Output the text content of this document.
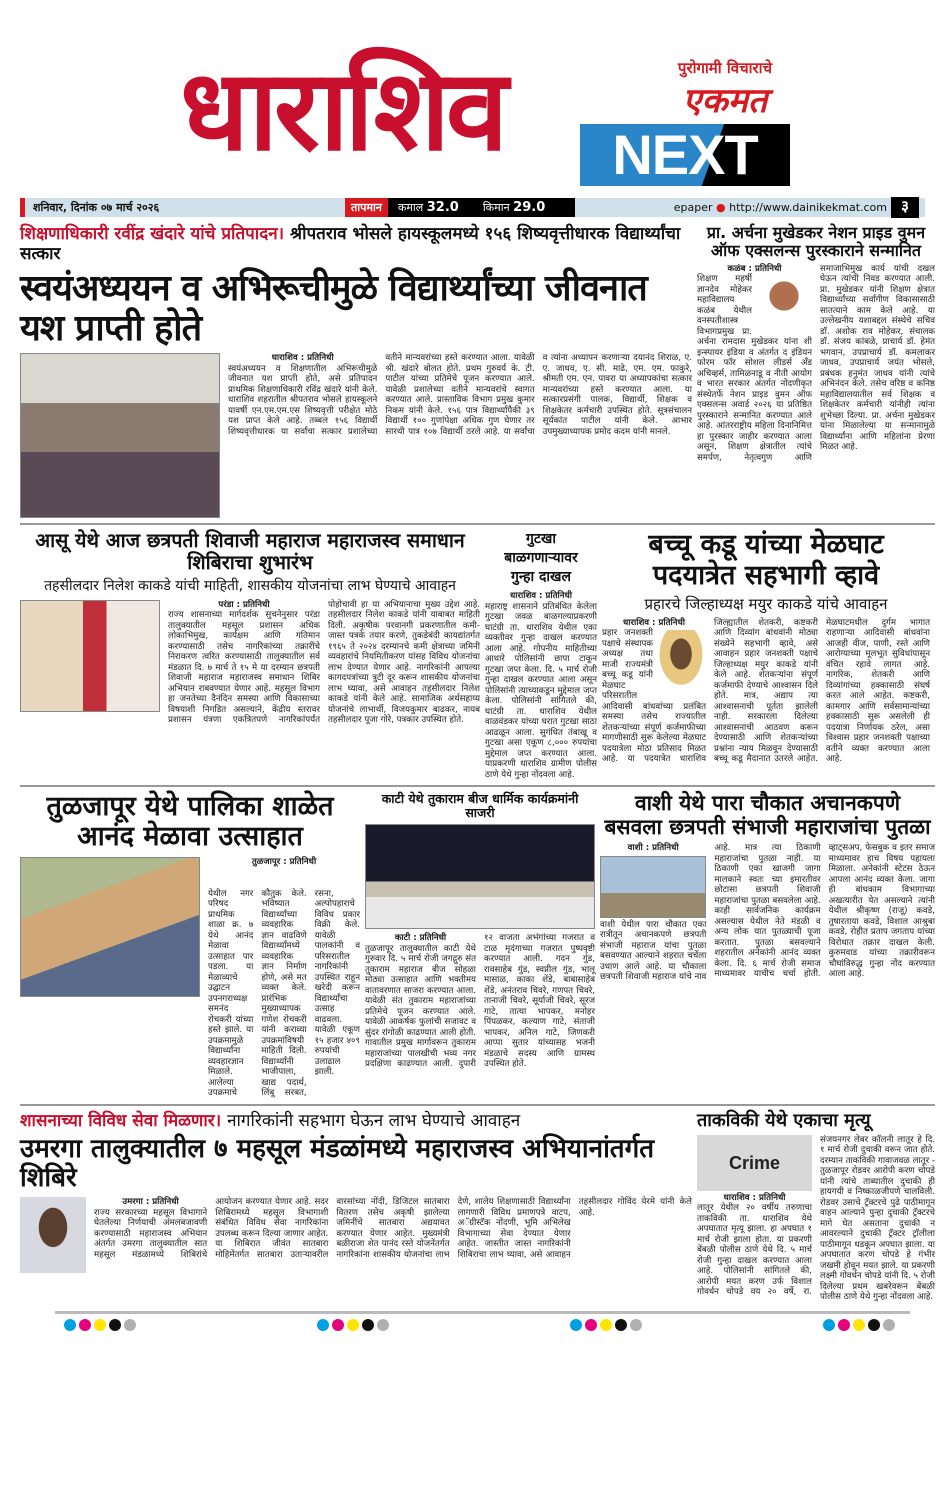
धाराशिव	पुरोगामी विचाराचे
एकमत
NEXT
शनिवार, दिनांक ०७ मार्च २०२६	तापमान	कमाल 32.0 किमान 29.0	epaper ● http://www.dainikekmat.com ३
शिक्षणाधिकारी रवींद्र खंदारे यांचे प्रतिपादन। श्रीपतराव भोसले हायस्कूलमध्ये १५६ शिष्यवृत्तीधारक विद्यार्थ्यांचा सत्कार
स्वयंअध्ययन व अभिरूचीमुळे विद्यार्थ्यांच्या जीवनात यश प्राप्ती होते
धाराशिव : प्रतिनिधी
स्वयंअध्ययन व शिक्षणातील अभिरूचीमुळे जीवनात यश प्राप्ती होते, असे प्रतिपादन प्राथमिक शिक्षणाधिकारी रविंद्र खंदारे यांनी केले. धाराशिव शहरातील श्रीपतराव भोसले हायस्कूलने यावर्षी एन.एम.एम.एस शिष्यवृत्ती परीक्षेत मोठे यश प्राप्त केले आहे. तब्बल १५६ विद्यार्थी शिष्यवृत्तीधारक या सर्वांचा सत्कार प्रशालेच्या वतीने मान्यवरांच्या हस्ते करण्यात आला. यावेळी श्री. खंदारे बोलत होते. प्रथम गुरुवर्य के. टी. पाटील यांच्या प्रतिमेचे पूजन करण्यात आले. यावेळी प्रशालेच्या वतीने मान्यवरांचे स्वागत करण्यात आले. प्रास्ताविक विभाग प्रमुख कुमार निकम यांनी केले. १५६ पात्र विद्यार्थ्यांपैकी ३९ विद्यार्थी १०० गुणांपेक्षा अधिक गुण घेणार तर सारथी पात्र १०७ विद्यार्थी ठरले आहे. या सर्वांचा व त्यांना अध्यापन करणाऱ्या दयानंद शिराळ, ए. ए. जाधव, ए. सी. माढे, एम. एम. फाकुरे, श्रीमती एम. एन. पावरा या अध्यापकांचा सत्कार मान्यवरांच्या हस्ते करण्यात आला. या सत्कारप्रसंगी पालक, विद्यार्थी, शिक्षक व शिक्षकेतर कर्मचारी उपस्थित होते. सूत्रसंचालन सूर्यकांत पाटील यांनी केले. आभार उपमुख्याध्यापक प्रमोद कदम यांनी मानले.
प्रा. अर्चना मुखेडकर नेशन प्राइड वुमन
ऑफ एक्सलन्स पुरस्काराने सन्मानित
कळंब : प्रतिनिधी
शिक्षण महर्षी ज्ञानदेव मोहेकर महाविद्यालय कळंब येथील वनस्पतीशास्त्र विभागप्रमुख प्रा. अर्चना रामदास मुखेडकर यांना शी इन्स्पायर इंडिया व अंतर्गत द इंडियन फोरम फॉर सोशल लीडर्स अँड अचिव्हर्स, तामिळनाडू व नीती आयोग व भारत सरकार अंतर्गत नोंदणीकृत संस्थेतर्फे नेशन प्राइड वुमन ऑफ एक्सलन्स अवार्ड २०२६ या प्रतिष्ठित पुरस्काराने सन्मानित करण्यात आले आहे. आंतरराष्ट्रीय महिला दिनानिमित्त हा पुरस्कार जाहीर करण्यात आला असून, शिक्षण क्षेत्रातील त्यांचे समर्पण, नेतृत्वगुण आणि समाजाभिमुख कार्य यांची दखल घेऊन त्यांची निवड करण्यात आली. प्रा. मुखेडकर यांनी शिक्षण क्षेत्रात विद्यार्थ्यांच्या सर्वांगीण विकासासाठी सातत्याने काम केले आहे. या उल्लेखनीय यशाबद्दल संस्थेचे सचिव डॉ. अशोक राव मोहेकर, संचालक डॉ. संजय कांबळे, प्राचार्य डॉ. हेमंत भगवान, उपप्राचार्य डॉ. कमलाकर जाधव, उपप्राचार्य जयंत भोसले, प्रबंधक हनुमंत जाधव यांनी त्यांचे अभिनंदन केले. तसेच वरिष्ठ व कनिष्ठ महाविद्यालयातील सर्व शिक्षक व शिक्षकेतर कर्मचारी यांनीही त्यांना शुभेच्छा दिल्या. प्रा. अर्चना मुखेडकर यांना मिळालेल्या या सन्मानामुळे विद्यार्थ्यांना आणि महिलांना प्रेरणा मिळत आहे.
आसू येथे आज छत्रपती शिवाजी महाराज महाराजस्व समाधान शिबिराचा शुभारंभ
तहसीलदार निलेश काकडे यांची माहिती, शासकीय योजनांचा लाभ घेण्याचे आवाहन
परंडा : प्रतिनिधी
राज्य शासनाच्या मार्गदर्शक सुचनेनुसार परंडा तालुक्यातील महसूल प्रशासन अधिक लोकाभिमुख, कार्यक्षम आणि गतिमान करण्यासाठी तसेच नागरिकांच्या तक्रारींचे निराकरण त्वरित करण्यासाठी तालुक्यातील सर्व मंडळात दि. ७ मार्च ते १५ मे या दरम्यान छत्रपती शिवाजी महाराज महाराजस्व समाधान शिबिर अभियान राबवण्यात येणार आहे. महसूल विभाग हा जनतेच्या दैनंदिन समस्या आणि विकासाच्या विषयाशी निगडित असल्याने, केंद्रीय स्तरावर प्रशासन यंत्रणा एकत्रितपणे नागरिकांपर्यंत पोहोचावी हा या अभियानाचा मुख्य उद्देश आहे. तहसीलदार निलेश काकडे यांनी याबाबत माहिती दिली. अकृषीक परवानगी प्रकरणातील कमी-जास्त पत्रके तयार करणे, तुकडेबंदी कायद्यांतर्गत १९६५ ते २०२४ दरम्यानचे कमी क्षेत्राच्या जमिनी व्यवहारांचे नियमितीकरण यांसह विविध योजनांचा लाभ देण्यात येणार आहे. नागरिकांनी आपल्या कागदपत्रांच्या त्रुटी दूर करून शासकीय योजनांचा लाभ घ्यावा, असे आवाहन तहसीलदार निलेश काकडे यांनी केले आहे. सामाजिक अर्थसहाय्य योजनांचे लाभार्थी, विजयकुमार बाढकर, नायब तहसीलदार पूजा गोरे, पत्रकार उपस्थित होते.
गुटखा
बाळगणाऱ्यावर
गुन्हा दाखल
धाराशिव : प्रतिनिधी
महाराष्ट्र शासनाने प्रतिबंधित केलेला गुटखा जवळ बाळगल्याप्रकरणी घाटंग्री ता. धाराशिव येथील एका व्यक्तीवर गुन्हा दाखल करण्यात आला आहे. गोपनीय माहितीच्या आधारे पोलिसांनी छापा टाकून गुटखा जप्त केला. दि. ५ मार्च रोजी गुन्हा दाखल करण्यात आला असून पोलिसांनी त्याच्याकडून मुद्देमाल जप्त केला. पोलिसांनी सांगितले की, घाटंग्री ता. धाराशिव येथील वाळवंडकर यांच्या घरात गुटखा साठा आढळून आला. सुगंधित तंबाखू व गुटखा असा एकूण ८,००० रुपयांचा मुद्देमाल जप्त करण्यात आला. याप्रकरणी धाराशिव ग्रामीण पोलीस ठाणे येथे गुन्हा नोंदवला आहे.
बच्चू कडू यांच्या मेळघाट
पदयात्रेत सहभागी व्हावे
प्रहारचे जिल्हाध्यक्ष मयुर काकडे यांचे आवाहन
धाराशिव : प्रतिनिधी
प्रहार जनशक्ती पक्षाचे संस्थापक अध्यक्ष तथा माजी राज्यमंत्री बच्चू कडू यांनी मेळघाट परिसरातील आदिवासी बांधवांच्या प्रलंबित समस्या तसेच राज्यातील शेतकऱ्यांच्या संपूर्ण कर्जमाफीच्या मागणीसाठी सुरू केलेल्या मेळघाट पदयात्रेला मोठा प्रतिसाद मिळत आहे. या पदयात्रेत धाराशिव जिल्ह्यातील शेतकरी, कष्टकरी आणि दिव्यांग बांधवांनी मोठ्या संख्येने सहभागी व्हावे, असे आवाहन प्रहार जनशक्ती पक्षाचे जिल्हाध्यक्ष मयुर काकडे यांनी केले आहे. शेतकऱ्यांना संपूर्ण कर्जमाफी देण्याचे आश्वासन दिले होते. मात्र, अद्याप त्या आश्वासनाची पूर्तता झालेली नाही. सरकारला दिलेल्या आश्वासनाची आठवण करून देण्यासाठी आणि शेतकऱ्यांच्या प्रश्नांना न्याय मिळवून देण्यासाठी बच्चू कडू मैदानात उतरले आहेत. मेळघाटमधील दुर्गम भागात राहणाऱ्या आदिवासी बांधवांना आजही वीज, पाणी, रस्ते आणि आरोग्याच्या मूलभूत सुविधांपासून वंचित रहावे लागत आहे. नागरिक, शेतकरी आणि दिव्यांगांच्या हक्कासाठी संघर्ष करत आले आहेत. कष्टकरी, कामगार आणि सर्वसामान्यांच्या हक्कासाठी सुरू असलेली ही पदयात्रा निर्णायक ठरेल, असा विश्वास प्रहार जनशक्ती पक्षाच्या वतीने व्यक्त करण्यात आला आहे.
तुळजापूर येथे पालिका शाळेत
आनंद मेळावा उत्साहात
तुळजापूर : प्रतिनिधी
येथील नगर परिषद प्राथमिक शाळा क्र. ७ येथे आनंद मेळावा उत्साहात पार पडला. या मेळाव्याचे उद्घाटन उपनगराध्यक्ष समनंद रोचकरी यांच्या हस्ते झाले. या उपक्रमामुळे विद्यार्थ्यांना व्यवहारज्ञान मिळाले. आलेल्या उपक्रमाचे कौतुक केले. भविष्यात विद्यार्थ्यांच्या व्यवहारिक ज्ञान वाढविणे विद्यार्थ्यांमध्ये व्यवहारिक ज्ञान निर्माण होणे, असे मत व्यक्त केले. प्रारंभिक मुख्याध्यापक गणेश रोचकरी यांनी कराव्या उपक्रमांविषयी माहिती दिली. विद्यार्थ्यांनी भाजीपाला, खाद्य पदार्थ, लिंबू सरबत, रसना, अल्पोपहाराचे विविध प्रकार विक्री केले. यावेळी पालकांनी व परिसरातील नागरिकांनी उपस्थित राहून खरेदी करून विद्यार्थ्यांचा उत्साह वाढवला. यावेळी एकूण १५ हजार ४०९ रुपयांची उलाढाल झाली.
काटी येथे तुकाराम बीज धार्मिक कार्यक्रमांनी साजरी
काटी : प्रतिनिधी
तुळजापूर तालुक्यातील काटी येथे गुरुवार दि. ५ मार्च रोजी जगद्गुरु संत तुकाराम महाराज बीज सोहळा मोठ्या उत्साहात आणि भक्तीमय वातावरणात साजरा करण्यात आला. यावेळी संत तुकाराम महाराजांच्या प्रतिमेचे पूजन करण्यात आले. यावेळी आकर्षक फुलांची सजावट व सुंदर रांगोळी काढण्यात आली होती. गावातील प्रमुख मार्गावरून तुकाराम महाराजांच्या पालखीची भव्य नगर प्रदक्षिणा काढण्यात आली. दुपारी १२ वाजता अभंगांच्या गजरात व टाळ मृदंगाच्या गजरात पुष्पवृष्टी करण्यात आली. गदन गुंड, रावसाहेब गुंड, स्वप्नील गुंड, भालू मासाळ, काका शेंडे, बाबासाहेब शेंडे, अनंतराव चिवरे, गणपत चिवरे, तानाजी चिवरे, सूर्याजी चिवरे, सूरज गाटे, तात्या भापकर, मनोहर पिंपळकर, कल्याण गाटे, संताजी भापकर, अनिल गाटे, जिणकरी आप्पा सुतार यांच्यासह भजनी मंडळाचे सदस्य आणि ग्रामस्थ उपस्थित होते.
वाशी येथे पारा चौकात अचानकपणे
बसवला छत्रपती संभाजी महाराजांचा पुतळा
वाशी : प्रतिनिधी
वाशी येथील पारा चौकात एका रात्रीतून अचानकपणे छत्रपती संभाजी महाराज यांचा पुतळा बसवण्यात आल्याने शहरात चर्चेला उधाण आले आहे. या चौकाला छत्रपती शिवाजी महाराज यांचे नाव आहे. मात्र त्या ठिकाणी महाराजांचा पुतळा नाही. या ठिकाणी एका खाजगी जागा मालकाने स्वतः च्या इमारतीवर छोटासा छत्रपती शिवाजी महाराजांचा पुतळा बसवलेला आहे. काही सार्वजनिक कार्यक्रम असल्यास येथील नेते मंडळी व अन्य लोक यात पुतळ्याची पूजा करतात. पुतळा बसवल्याने शहरातील अनेकांनी आनंद व्यक्त केला. दि. ६ मार्च रोजी समाज माध्यमावर याचीच चर्चा होती. व्हाट्सअप, फेसबुक व इतर समाज माध्यमावर हाच विषय पहायला मिळाला. अनेकांनी स्टेटस ठेऊन आपला आनंद व्यक्त केला. जागा ही बांधकाम विभागाच्या अखत्यारीत येत असल्याने त्यांनी येथील श्रीकृष्ण (राजू) कवडे, तुषारताया कवडे, विशाल आश्रुबा कवडे, रोहीत प्रताप जगताप यांच्या विरोधात तक्रार दाखल केली. कुरुमवाड यांच्या तक्रारीवरून चौघांविरुद्ध गुन्हा नोंद करण्यात आला आहे.
शासनाच्या विविध सेवा मिळणार। नागरिकांनी सहभाग घेऊन लाभ घेण्याचे आवाहन
उमरगा तालुक्यातील ७ महसूल मंडळांमध्ये महाराजस्व अभियानांतर्गत शिबिरे
उमरगा : प्रतिनिधी
राज्य सरकारच्या महसूल विभागाने घेतलेल्या निर्णयाची अंमलबजावणी करण्यासाठी महाराजस्व अभियान अंतर्गत उमरगा तालुक्यातील सात महसूल मंडळामध्ये शिबिरांचे आयोजन करण्यात येणार आहे. सदर शिबिरामध्ये महसूल विभागाशी संबंधित विविध सेवा नागरिकांना उपलब्ध करून दिल्या जाणार आहेत. या शिबिरात जीवंत सातबारा मोहिमेंतर्गत सातबारा उताऱ्यावरील वारसांच्या नोंदी, डिजिटल सातबारा वितरण तसेच अकृषी झालेल्या जमिनींचे सातबारा अद्ययावत करण्यात येणार आहेत. मुख्यमंत्री बळीराजा शेत पानंद रस्ते योजनेंतर्गत नागरिकांना शासकीय योजनांचा लाभ देणे, शालेय शिक्षणासाठी विद्यार्थ्यांना लागणारी विविध प्रमाणपत्रे वाटप, अॅग्रीस्टॅक नोंदणी, भूमि अभिलेख विभागाच्या सेवा देण्यात येणार आहेत. जास्तीत जास्त नागरिकांनी शिबिराचा लाभ घ्यावा, असे आवाहन तहसीलदार गोविंद येरमे यांनी केले आहे.
ताकविकी येथे एकाचा मृत्यू
Crime
धाराशिव : प्रतिनिधी
लातूर येथील २० वर्षीय तरुणाचा ताकविकी ता. धाराशिव येथे अपघातात मृत्यू झाला. हा अपघात १ मार्च रोजी झाला होता. या प्रकरणी बेंबळी पोलीस ठाणे येथे दि. ५ मार्च रोजी गुन्हा दाखल करण्यात आला आहे. पोलिसांनी सांगितले की, आरोपी मयत करण उर्फ विशाल गोवर्धन चोपडे वय २० वर्षे, रा. संजयनगर लेबर कॉलनी लातूर हे दि. १ मार्च रोजी दुचाकी वरून जात होते. दरम्यान ताकविकी गावाजवळ लातूर - तुळजापूर रोडवर आरोपी करण चोपडे यांनी त्यांचे ताब्यातील दुचाकी ही हायगयी व निष्काळजीपणे चालविली. रोडवर उसाचे ट्रॅक्टरचे पुढे पाठीमागून वाहन आल्याने पुन्हा दुचाकी ट्रॅक्टरचे मागे घेत असताना दुचाकी न आवरल्याने दुचाकी ट्रॅक्टर ट्रॉलीला पाठीमागून धडकून अपघात झाला. या अपघातात करण चोपडे हे गंभीर जखमी होवून मयत झाले. या प्रकरणी लक्ष्मी गोवर्धन चोपडे यांनी दि. ५ रोजी दिलेल्या प्रथम खबरेवरून बेंबळी पोलीस ठाणे येथे गुन्हा नोंदवला आहे.
